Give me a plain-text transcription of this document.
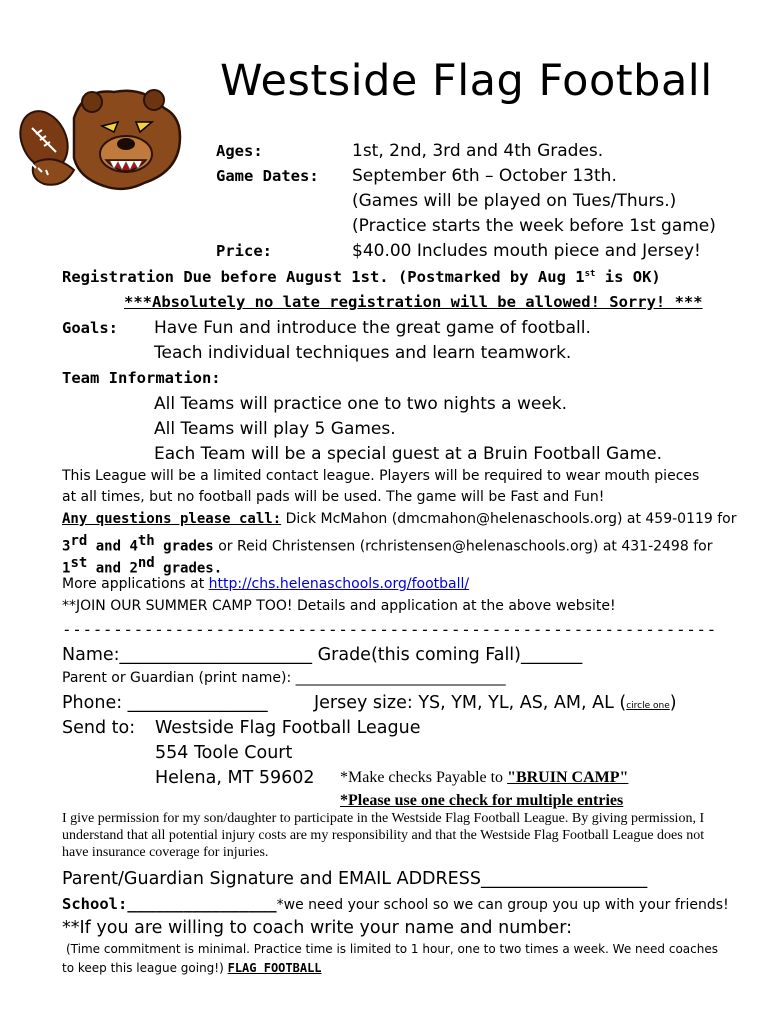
Westside Flag Football
Ages:	1st, 2nd, 3rd and 4th Grades.
Game Dates: September 6th – October 13th.
(Games will be played on Tues/Thurs.)
(Practice starts the week before 1st game)
Price:	$40.00 Includes mouth piece and Jersey!
Registration Due before August 1st. (Postmarked by Aug 1st is OK)
***Absolutely no late registration will be allowed! Sorry! ***
Goals: Have Fun and introduce the great game of football.
Teach individual techniques and learn teamwork.
Team Information:
All Teams will practice one to two nights a week.
All Teams will play 5 Games.
Each Team will be a special guest at a Bruin Football Game.
This League will be a limited contact league. Players will be required to wear mouth pieces
at all times, but no football pads will be used. The game will be Fast and Fun!
Any questions please call: Dick McMahon (dmcmahon@helenaschools.org) at 459-0119 for
3rd and 4th grades or Reid Christensen (rchristensen@helenaschools.org) at 431-2498 for
1st and 2nd grades.
More applications at http://chs.helenaschools.org/football/
**JOIN OUR SUMMER CAMP TOO! Details and application at the above website!
----------------------------------------------------------------
Name:______________________ Grade(this coming Fall)_______
Parent or Guardian (print name): ______________________________
Phone: ________________	Jersey size: YS, YM, YL, AS, AM, AL (circle one)
Send to: Westside Flag Football League
554 Toole Court
Helena, MT 59602 *Make checks Payable to "BRUIN CAMP"
*Please use one check for multiple entries
I give permission for my son/daughter to participate in the Westside Flag Football League. By giving permission, I understand that all potential injury costs are my responsibility and that the Westside Flag Football League does not have insurance coverage for injuries.
Parent/Guardian Signature and EMAIL ADDRESS___________________
School:________________*we need your school so we can group you up with your friends!
**If you are willing to coach write your name and number:
(Time commitment is minimal. Practice time is limited to 1 hour, one to two times a week. We need coaches
to keep this league going!) FLAG FOOTBALL
